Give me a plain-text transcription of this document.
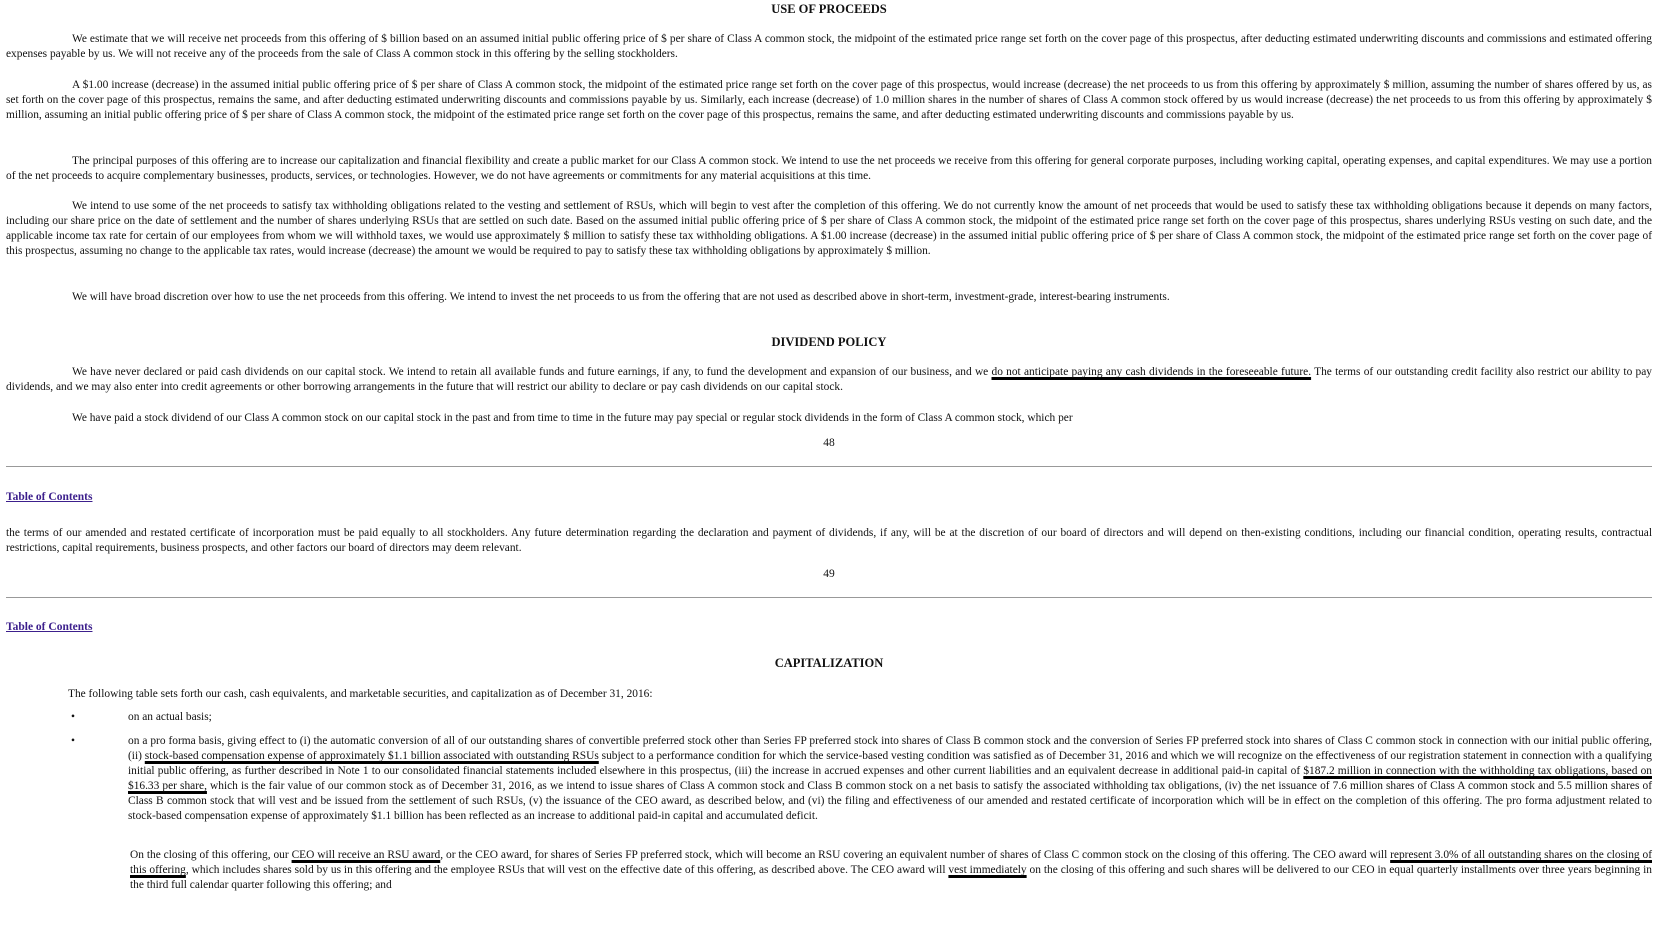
USE OF PROCEEDS

We estimate that we will receive net proceeds from this offering of $ billion based on an assumed initial public offering price of $ per share of Class A common stock, the midpoint of the estimated price range set forth on the cover page of this prospectus, after deducting estimated underwriting discounts and commissions and estimated offering expenses payable by us. We will not receive any of the proceeds from the sale of Class A common stock in this offering by the selling stockholders.

A $1.00 increase (decrease) in the assumed initial public offering price of $ per share of Class A common stock, the midpoint of the estimated price range set forth on the cover page of this prospectus, would increase (decrease) the net proceeds to us from this offering by approximately $ million, assuming the number of shares offered by us, as set forth on the cover page of this prospectus, remains the same, and after deducting estimated underwriting discounts and commissions payable by us. Similarly, each increase (decrease) of 1.0 million shares in the number of shares of Class A common stock offered by us would increase (decrease) the net proceeds to us from this offering by approximately $ million, assuming an initial public offering price of $ per share of Class A common stock, the midpoint of the estimated price range set forth on the cover page of this prospectus, remains the same, and after deducting estimated underwriting discounts and commissions payable by us.

The principal purposes of this offering are to increase our capitalization and financial flexibility and create a public market for our Class A common stock. We intend to use the net proceeds we receive from this offering for general corporate purposes, including working capital, operating expenses, and capital expenditures. We may use a portion of the net proceeds to acquire complementary businesses, products, services, or technologies. However, we do not have agreements or commitments for any material acquisitions at this time.

We intend to use some of the net proceeds to satisfy tax withholding obligations related to the vesting and settlement of RSUs, which will begin to vest after the completion of this offering. We do not currently know the amount of net proceeds that would be used to satisfy these tax withholding obligations because it depends on many factors, including our share price on the date of settlement and the number of shares underlying RSUs that are settled on such date. Based on the assumed initial public offering price of $ per share of Class A common stock, the midpoint of the estimated price range set forth on the cover page of this prospectus, shares underlying RSUs vesting on such date, and the applicable income tax rate for certain of our employees from whom we will withhold taxes, we would use approximately $ million to satisfy these tax withholding obligations. A $1.00 increase (decrease) in the assumed initial public offering price of $ per share of Class A common stock, the midpoint of the estimated price range set forth on the cover page of this prospectus, assuming no change to the applicable tax rates, would increase (decrease) the amount we would be required to pay to satisfy these tax withholding obligations by approximately $ million.

We will have broad discretion over how to use the net proceeds from this offering. We intend to invest the net proceeds to us from the offering that are not used as described above in short-term, investment-grade, interest-bearing instruments.

DIVIDEND POLICY

We have never declared or paid cash dividends on our capital stock. We intend to retain all available funds and future earnings, if any, to fund the development and expansion of our business, and we do not anticipate paying any cash dividends in the foreseeable future. The terms of our outstanding credit facility also restrict our ability to pay dividends, and we may also enter into credit agreements or other borrowing arrangements in the future that will restrict our ability to declare or pay cash dividends on our capital stock.

We have paid a stock dividend of our Class A common stock on our capital stock in the past and from time to time in the future may pay special or regular stock dividends in the form of Class A common stock, which per

48
Table of Contents

the terms of our amended and restated certificate of incorporation must be paid equally to all stockholders. Any future determination regarding the declaration and payment of dividends, if any, will be at the discretion of our board of directors and will depend on then-existing conditions, including our financial condition, operating results, contractual restrictions, capital requirements, business prospects, and other factors our board of directors may deem relevant.

49
Table of Contents
CAPITALIZATION

The following table sets forth our cash, cash equivalents, and marketable securities, and capitalization as of December 31, 2016:

•	on an actual basis;
•	on a pro forma basis, giving effect to (i) the automatic conversion of all of our outstanding shares of convertible preferred stock other than Series FP preferred stock into shares of Class B common stock and the conversion of Series FP preferred stock into shares of Class C common stock in connection with our initial public offering, (ii) stock-based compensation expense of approximately $1.1 billion associated with outstanding RSUs subject to a performance condition for which the service-based vesting condition was satisfied as of December 31, 2016 and which we will recognize on the effectiveness of our registration statement in connection with a qualifying initial public offering, as further described in Note 1 to our consolidated financial statements included elsewhere in this prospectus, (iii) the increase in accrued expenses and other current liabilities and an equivalent decrease in additional paid-in capital of $187.2 million in connection with the withholding tax obligations, based on $16.33 per share, which is the fair value of our common stock as of December 31, 2016, as we intend to issue shares of Class A common stock and Class B common stock on a net basis to satisfy the associated withholding tax obligations, (iv) the net issuance of 7.6 million shares of Class A common stock and 5.5 million shares of Class B common stock that will vest and be issued from the settlement of such RSUs, (v) the issuance of the CEO award, as described below, and (vi) the filing and effectiveness of our amended and restated certificate of incorporation which will be in effect on the completion of this offering. The pro forma adjustment related to stock-based compensation expense of approximately $1.1 billion has been reflected as an increase to additional paid-in capital and accumulated deficit.

On the closing of this offering, our CEO will receive an RSU award, or the CEO award, for shares of Series FP preferred stock, which will become an RSU covering an equivalent number of shares of Class C common stock on the closing of this offering. The CEO award will represent 3.0% of all outstanding shares on the closing of this offering, which includes shares sold by us in this offering and the employee RSUs that will vest on the effective date of this offering, as described above. The CEO award will vest immediately on the closing of this offering and such shares will be delivered to our CEO in equal quarterly installments over three years beginning in the third full calendar quarter following this offering; and
